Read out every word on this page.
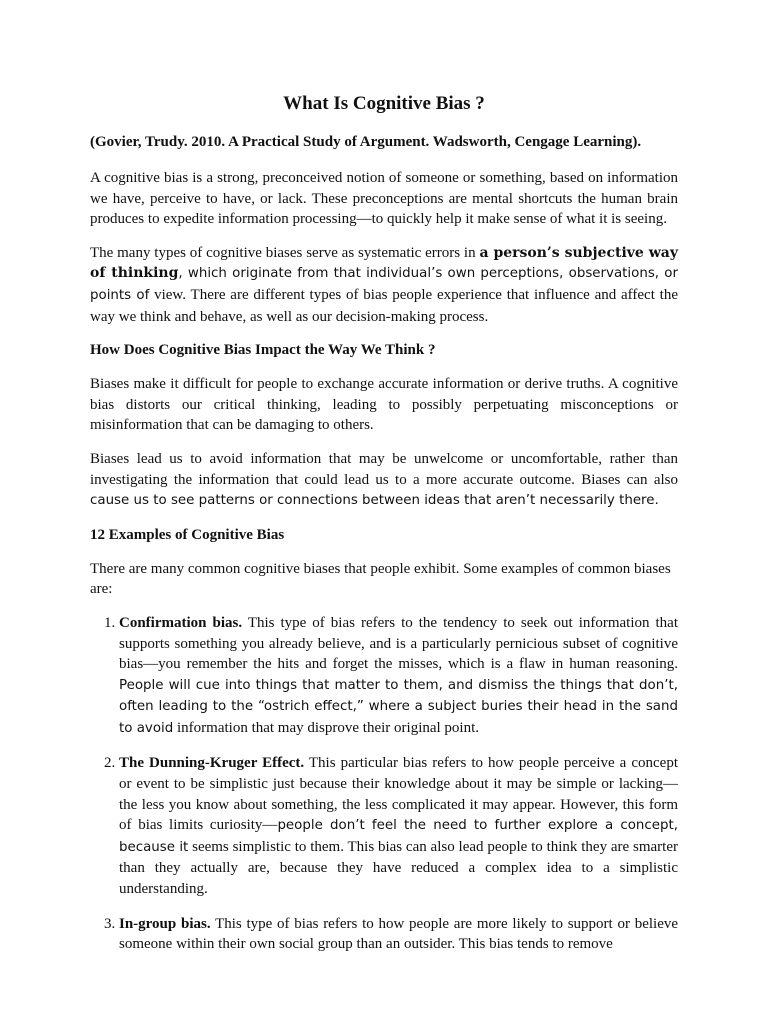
What Is Cognitive Bias ?
(Govier, Trudy. 2010. A Practical Study of Argument. Wadsworth, Cengage Learning).

A cognitive bias is a strong, preconceived notion of someone or something, based on information we have, perceive to have, or lack. These preconceptions are mental shortcuts the human brain produces to expedite information processing—to quickly help it make sense of what it is seeing.

The many types of cognitive biases serve as systematic errors in a person’s subjective way of thinking, which originate from that individual’s own perceptions, observations, or points of view. There are different types of bias people experience that influence and affect the way we think and behave, as well as our decision-making process.

How Does Cognitive Bias Impact the Way We Think ?

Biases make it difficult for people to exchange accurate information or derive truths. A cognitive bias distorts our critical thinking, leading to possibly perpetuating misconceptions or misinformation that can be damaging to others.

Biases lead us to avoid information that may be unwelcome or uncomfortable, rather than investigating the information that could lead us to a more accurate outcome. Biases can also cause us to see patterns or connections between ideas that aren’t necessarily there.

12 Examples of Cognitive Bias

There are many common cognitive biases that people exhibit. Some examples of common biases are:

1. Confirmation bias. This type of bias refers to the tendency to seek out information that supports something you already believe, and is a particularly pernicious subset of cognitive bias—you remember the hits and forget the misses, which is a flaw in human reasoning. People will cue into things that matter to them, and dismiss the things that don’t, often leading to the “ostrich effect,” where a subject buries their head in the sand to avoid information that may disprove their original point.
2. The Dunning-Kruger Effect. This particular bias refers to how people perceive a concept or event to be simplistic just because their knowledge about it may be simple or lacking—the less you know about something, the less complicated it may appear. However, this form of bias limits curiosity—people don’t feel the need to further explore a concept, because it seems simplistic to them. This bias can also lead people to think they are smarter than they actually are, because they have reduced a complex idea to a simplistic understanding.
3. In-group bias. This type of bias refers to how people are more likely to support or believe someone within their own social group than an outsider. This bias tends to remove
